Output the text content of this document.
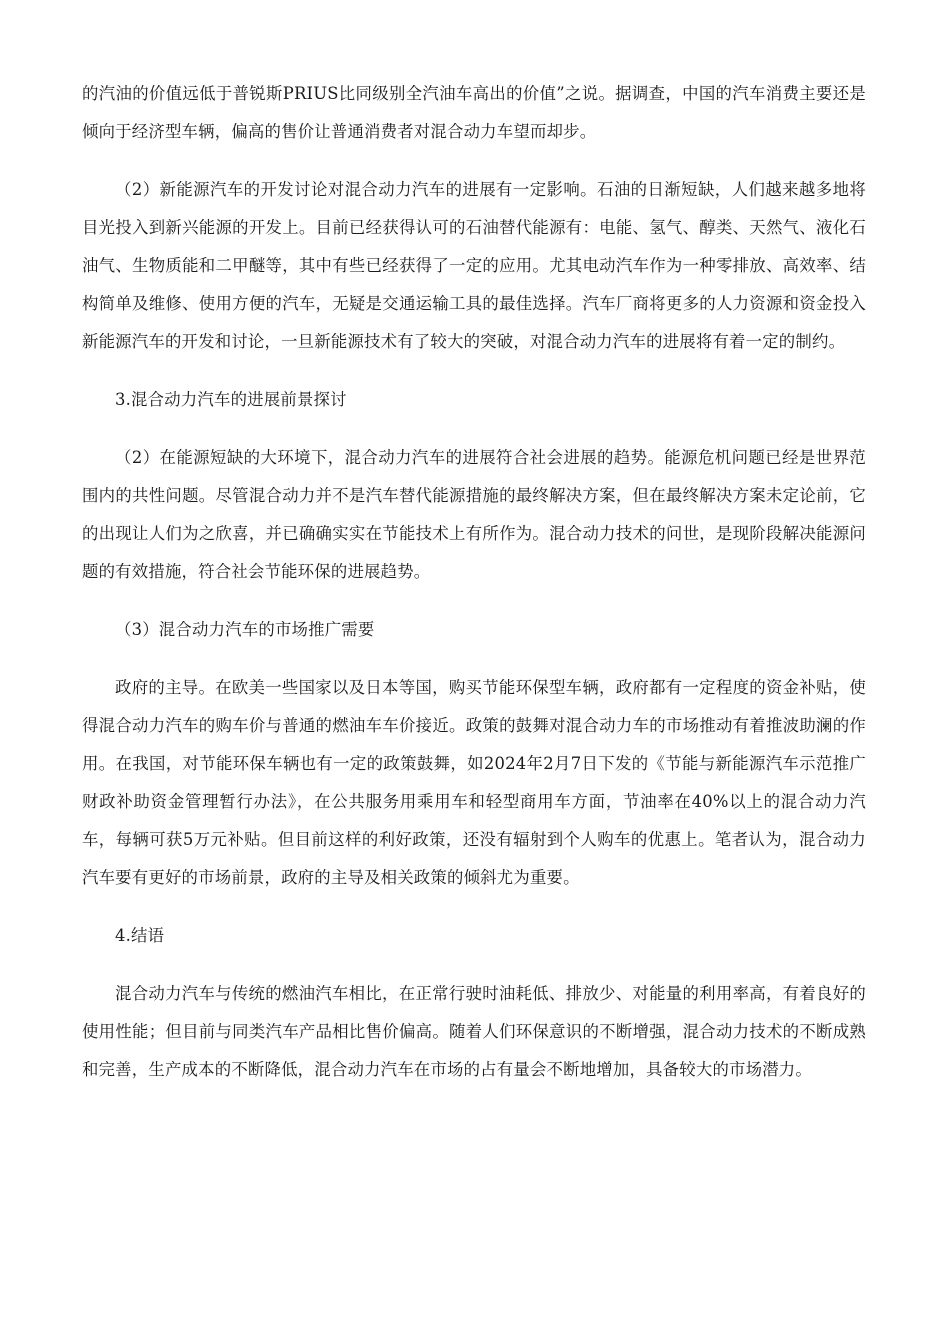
的汽油的价值远低于普锐斯PRIUS比同级别全汽油车高出的价值”之说。据调查，中国的汽车消费主要还是倾向于经济型车辆，偏高的售价让普通消费者对混合动力车望而却步。

（2）新能源汽车的开发讨论对混合动力汽车的进展有一定影响。石油的日渐短缺，人们越来越多地将目光投入到新兴能源的开发上。目前已经获得认可的石油替代能源有：电能、氢气、醇类、天然气、液化石油气、生物质能和二甲醚等，其中有些已经获得了一定的应用。尤其电动汽车作为一种零排放、高效率、结构简单及维修、使用方便的汽车，无疑是交通运输工具的最佳选择。汽车厂商将更多的人力资源和资金投入新能源汽车的开发和讨论，一旦新能源技术有了较大的突破，对混合动力汽车的进展将有着一定的制约。

3.混合动力汽车的进展前景探讨

（2）在能源短缺的大环境下，混合动力汽车的进展符合社会进展的趋势。能源危机问题已经是世界范围内的共性问题。尽管混合动力并不是汽车替代能源措施的最终解决方案，但在最终解决方案未定论前，它的出现让人们为之欣喜，并已确确实实在节能技术上有所作为。混合动力技术的问世，是现阶段解决能源问题的有效措施，符合社会节能环保的进展趋势。

（3）混合动力汽车的市场推广需要

政府的主导。在欧美一些国家以及日本等国，购买节能环保型车辆，政府都有一定程度的资金补贴，使得混合动力汽车的购车价与普通的燃油车车价接近。政策的鼓舞对混合动力车的市场推动有着推波助澜的作用。在我国，对节能环保车辆也有一定的政策鼓舞，如2024年2月7日下发的《节能与新能源汽车示范推广财政补助资金管理暂行办法》，在公共服务用乘用车和轻型商用车方面，节油率在40%以上的混合动力汽车，每辆可获5万元补贴。但目前这样的利好政策，还没有辐射到个人购车的优惠上。笔者认为，混合动力汽车要有更好的市场前景，政府的主导及相关政策的倾斜尤为重要。

4.结语

混合动力汽车与传统的燃油汽车相比，在正常行驶时油耗低、排放少、对能量的利用率高，有着良好的使用性能；但目前与同类汽车产品相比售价偏高。随着人们环保意识的不断增强，混合动力技术的不断成熟和完善，生产成本的不断降低，混合动力汽车在市场的占有量会不断地增加，具备较大的市场潜力。
